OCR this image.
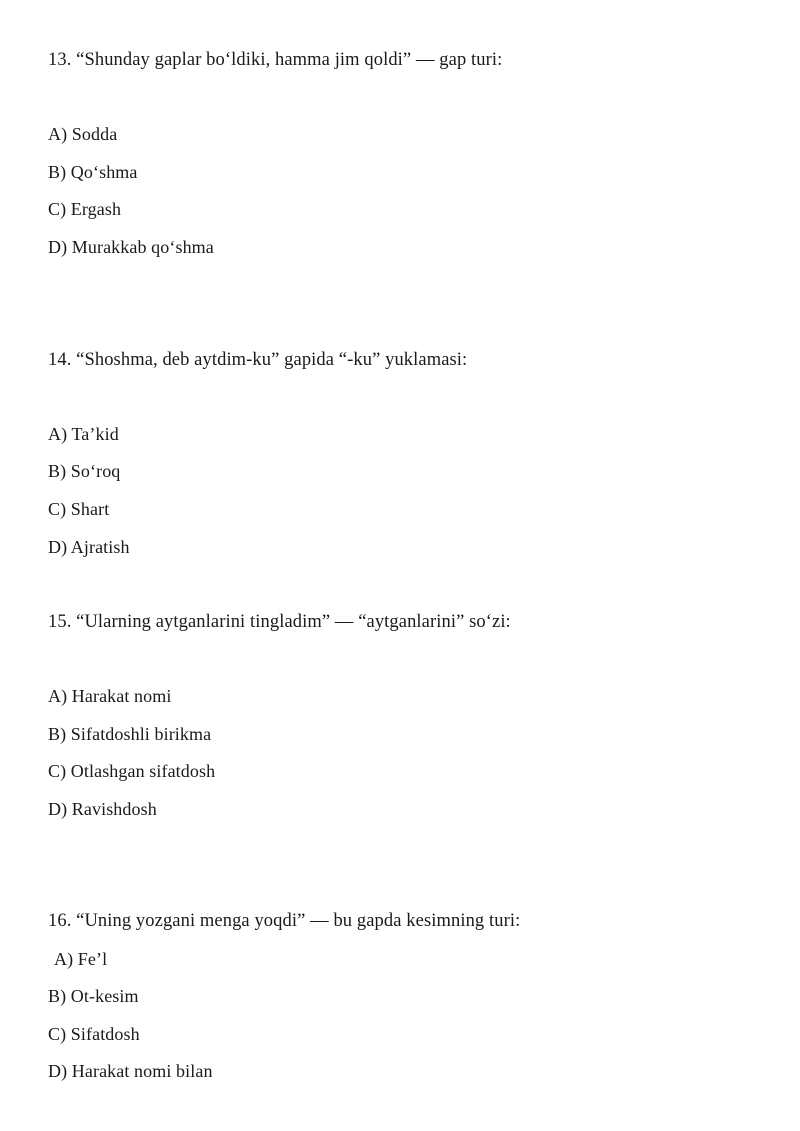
13. “Shunday gaplar bo‘ldiki, hamma jim qoldi” — gap turi:
A) Sodda
B) Qo‘shma
C) Ergash
D) Murakkab qo‘shma
14. “Shoshma, deb aytdim-ku” gapida “-ku” yuklamasi:
A) Ta’kid
B) So‘roq
C) Shart
D) Ajratish
15. “Ularning aytganlarini tingladim” — “aytganlarini” so‘zi:
A) Harakat nomi
B) Sifatdoshli birikma
C) Otlashgan sifatdosh
D) Ravishdosh
16. “Uning yozgani menga yoqdi” — bu gapda kesimning turi:
A) Fe’l
B) Ot-kesim
C) Sifatdosh
D) Harakat nomi bilan
